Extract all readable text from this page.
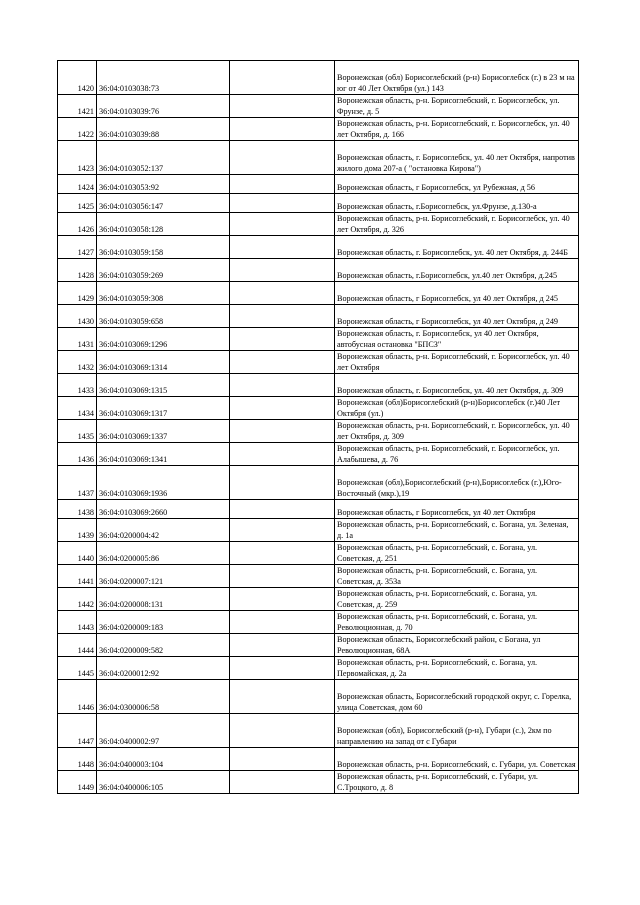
1420	36:04:0103038:73		Воронежская (обл) Борисоглебский (р-н) Борисоглебск (г.) в 23 м на юг от 40 Лет Октября (ул.) 143
1421	36:04:0103039:76		Воронежская область, р-н. Борисоглебский, г. Борисоглебск, ул. Фрунзе, д. 5
1422	36:04:0103039:88		Воронежская область, р-н. Борисоглебский, г. Борисоглебск, ул. 40 лет Октября, д. 166
1423	36:04:0103052:137		Воронежская область, г. Борисоглебск, ул. 40 лет Октября, напротив жилого дома 207-а ( "остановка Кирова")
1424	36:04:0103053:92		Воронежская область, г Борисоглебск, ул Рубежная, д 56
1425	36:04:0103056:147		Воронежская область, г.Борисоглебск, ул.Фрунзе, д.130-а
1426	36:04:0103058:128		Воронежская область, р-н. Борисоглебский, г. Борисоглебск, ул. 40 лет Октября, д. 326
1427	36:04:0103059:158		Воронежская область, г. Борисоглебск, ул. 40 лет Октября, д. 244Б
1428	36:04:0103059:269		Воронежская область, г.Борисоглебск, ул.40 лет Октября, д.245
1429	36:04:0103059:308		Воронежская область, г Борисоглебск, ул 40 лет Октября, д 245
1430	36:04:0103059:658		Воронежская область, г Борисоглебск, ул 40 лет Октября, д 249
1431	36:04:0103069:1296		Воронежская область, г. Борисоглебск, ул 40 лет Октября, автобусная остановка "БПСЗ"
1432	36:04:0103069:1314		Воронежская область, р-н. Борисоглебский, г. Борисоглебск, ул. 40 лет Октября
1433	36:04:0103069:1315		Воронежская область, г. Борисоглебск, ул. 40 лет Октября, д. 309
1434	36:04:0103069:1317		Воронежская (обл)Борисоглебский (р-н)Борисоглебск (г.)40 Лет Октября (ул.)
1435	36:04:0103069:1337		Воронежская область, р-н. Борисоглебский, г. Борисоглебск, ул. 40 лет Октября, д. 309
1436	36:04:0103069:1341		Воронежская область, р-н. Борисоглебский, г. Борисоглебск, ул. Алабышева, д. 76
1437	36:04:0103069:1936		Воронежская (обл),Борисоглебский (р-н),Борисоглебск (г.),Юго-Восточный (мкр.),19
1438	36:04:0103069:2660		Воронежская область, г Борисоглебск, ул 40 лет Октября
1439	36:04:0200004:42		Воронежская область, р-н. Борисоглебский, с. Богана, ул. Зеленая, д. 1а
1440	36:04:0200005:86		Воронежская область, р-н. Борисоглебский, с. Богана, ул. Советская, д. 251
1441	36:04:0200007:121		Воронежская область, р-н. Борисоглебский, с. Богана, ул. Советская, д. 353а
1442	36:04:0200008:131		Воронежская область, р-н. Борисоглебский, с. Богана, ул. Советская, д. 259
1443	36:04:0200009:183		Воронежская область, р-н. Борисоглебский, с. Богана, ул. Революционная, д. 70
1444	36:04:0200009:582		Воронежская область, Борисоглебский район, с Богана, ул Революционная, 68А
1445	36:04:0200012:92		Воронежская область, р-н. Борисоглебский, с. Богана, ул. Первомайская, д. 2а
1446	36:04:0300006:58		Воронежская область, Борисоглебский городской округ, с. Горелка, улица Советская, дом 60
1447	36:04:0400002:97		Воронежская (обл), Борисоглебский (р-н), Губари (с.), 2км по направлению на запад от с Губари
1448	36:04:0400003:104		Воронежская область, р-н. Борисоглебский, с. Губари, ул. Советская
1449	36:04:0400006:105		Воронежская область, р-н. Борисоглебский, с. Губари, ул. С.Троцкого, д. 8
